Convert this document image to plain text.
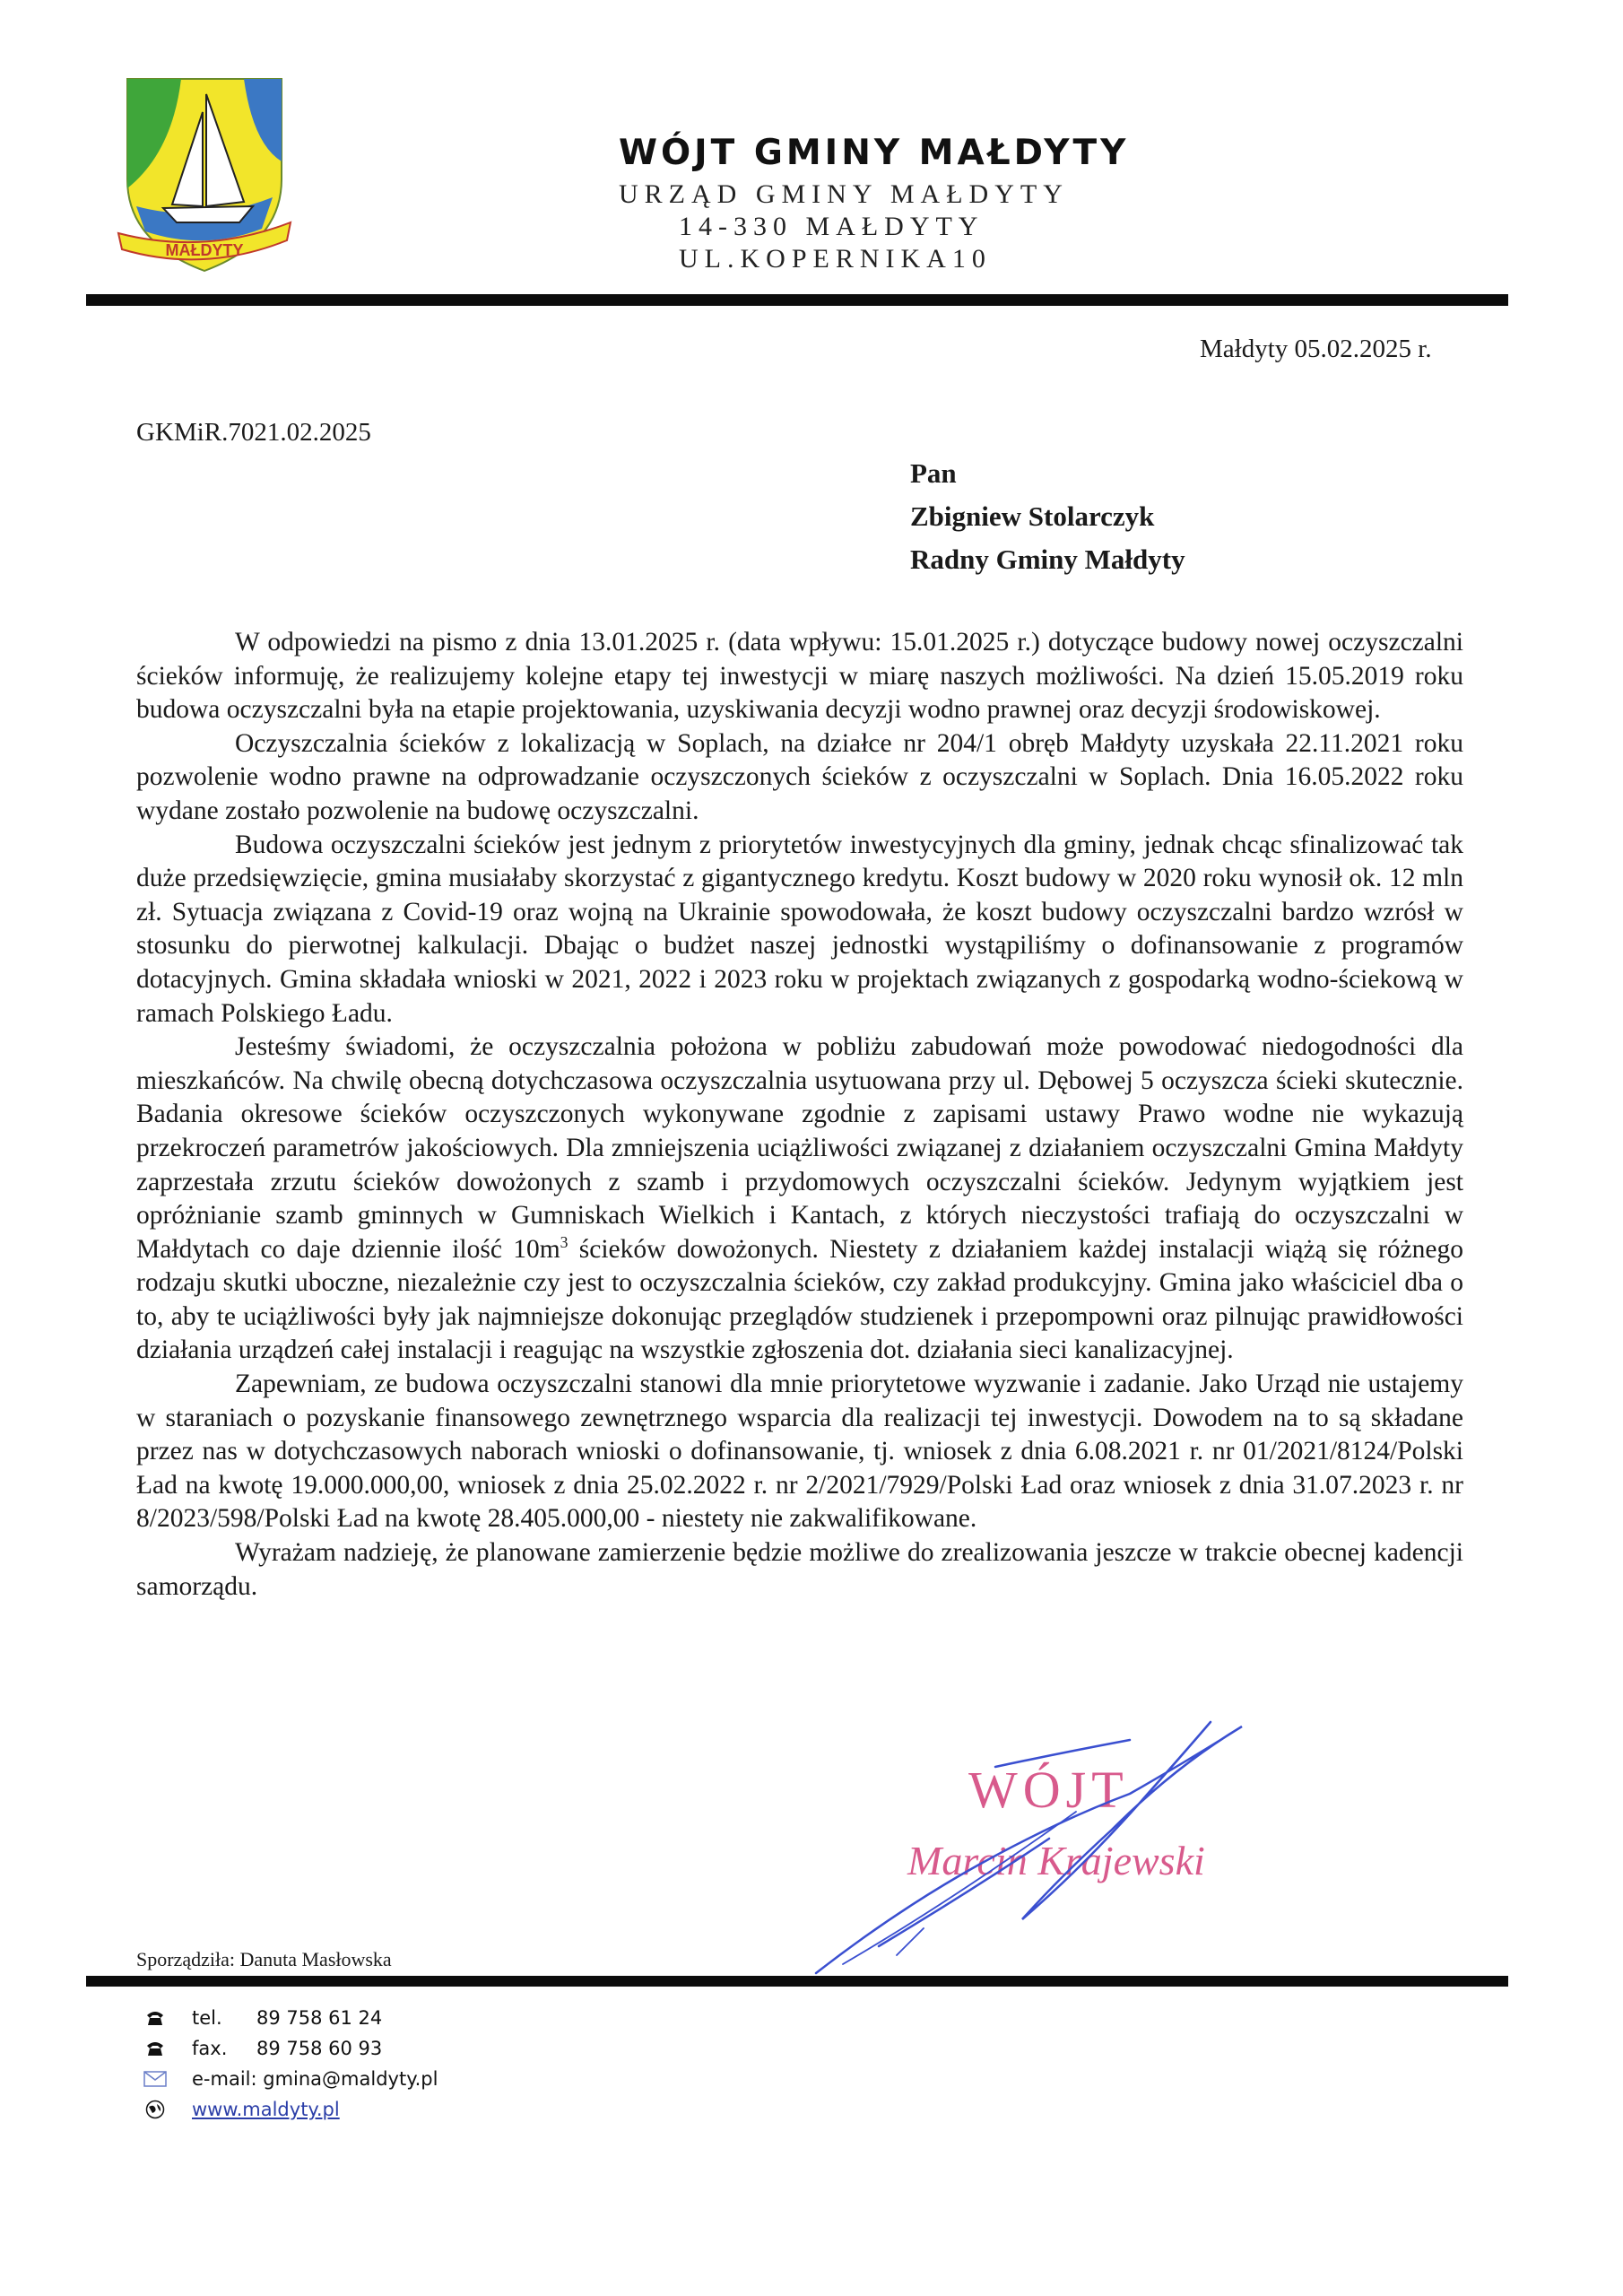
MAŁDYTY
WÓJT GMINY MAŁDYTY
URZĄD GMINY MAŁDYTY
14-330 MAŁDYTY
UL.KOPERNIKA10
Małdyty 05.02.2025 r.
GKMiR.7021.02.2025
Pan
Zbigniew Stolarczyk
Radny Gminy Małdyty

W odpowiedzi na pismo z dnia 13.01.2025 r. (data wpływu: 15.01.2025 r.) dotyczące budowy nowej oczyszczalni ścieków informuję, że realizujemy kolejne etapy tej inwestycji w miarę naszych możliwości. Na dzień 15.05.2019 roku budowa oczyszczalni była na etapie projektowania, uzyskiwania decyzji wodno prawnej oraz decyzji środowiskowej.

Oczyszczalnia ścieków z lokalizacją w Soplach, na działce nr 204/1 obręb Małdyty uzyskała 22.11.2021 roku pozwolenie wodno prawne na odprowadzanie oczyszczonych ścieków z oczyszczalni w Soplach. Dnia 16.05.2022 roku wydane zostało pozwolenie na budowę oczyszczalni.

Budowa oczyszczalni ścieków jest jednym z priorytetów inwestycyjnych dla gminy, jednak chcąc sfinalizować tak duże przedsięwzięcie, gmina musiałaby skorzystać z gigantycznego kredytu. Koszt budowy w 2020 roku wynosił ok. 12 mln zł. Sytuacja związana z Covid-19 oraz wojną na Ukrainie spowodowała, że koszt budowy oczyszczalni bardzo wzrósł w stosunku do pierwotnej kalkulacji. Dbając o budżet naszej jednostki wystąpiliśmy o dofinansowanie z programów dotacyjnych. Gmina składała wnioski w 2021, 2022 i 2023 roku w projektach związanych z gospodarką wodno-ściekową w ramach Polskiego Ładu.

Jesteśmy świadomi, że oczyszczalnia położona w pobliżu zabudowań może powodować niedogodności dla mieszkańców. Na chwilę obecną dotychczasowa oczyszczalnia usytuowana przy ul. Dębowej 5 oczyszcza ścieki skutecznie. Badania okresowe ścieków oczyszczonych wykonywane zgodnie z zapisami ustawy Prawo wodne nie wykazują przekroczeń parametrów jakościowych. Dla zmniejszenia uciążliwości związanej z działaniem oczyszczalni Gmina Małdyty zaprzestała zrzutu ścieków dowożonych z szamb i przydomowych oczyszczalni ścieków. Jedynym wyjątkiem jest opróżnianie szamb gminnych w Gumniskach Wielkich i Kantach, z których nieczystości trafiają do oczyszczalni w Małdytach co daje dziennie ilość $10m^3$ ścieków dowożonych. Niestety z działaniem każdej instalacji wiążą się różnego rodzaju skutki uboczne, niezależnie czy jest to oczyszczalnia ścieków, czy zakład produkcyjny. Gmina jako właściciel dba o to, aby te uciążliwości były jak najmniejsze dokonując przeglądów studzienek i przepompowni oraz pilnując prawidłowości działania urządzeń całej instalacji i reagując na wszystkie zgłoszenia dot. działania sieci kanalizacyjnej.

Zapewniam, ze budowa oczyszczalni stanowi dla mnie priorytetowe wyzwanie i zadanie. Jako Urząd nie ustajemy w staraniach o pozyskanie finansowego zewnętrznego wsparcia dla realizacji tej inwestycji. Dowodem na to są składane przez nas w dotychczasowych naborach wnioski o dofinansowanie, tj. wniosek z dnia 6.08.2021 r. nr 01/2021/8124/Polski Ład na kwotę 19.000.000,00, wniosek z dnia 25.02.2022 r. nr 2/2021/7929/Polski Ład oraz wniosek z dnia 31.07.2023 r. nr 8/2023/598/Polski Ład na kwotę 28.405.000,00 - niestety nie zakwalifikowane.

Wyrażam nadzieję, że planowane zamierzenie będzie możliwe do zrealizowania jeszcze w trakcie obecnej kadencji samorządu.

WÓJT
Marcin Krajewski
Sporządziła: Danuta Masłowska
tel.	89 758 61 24
fax.	89 758 60 93
e-mail: gmina@maldyty.pl
www.maldyty.pl
